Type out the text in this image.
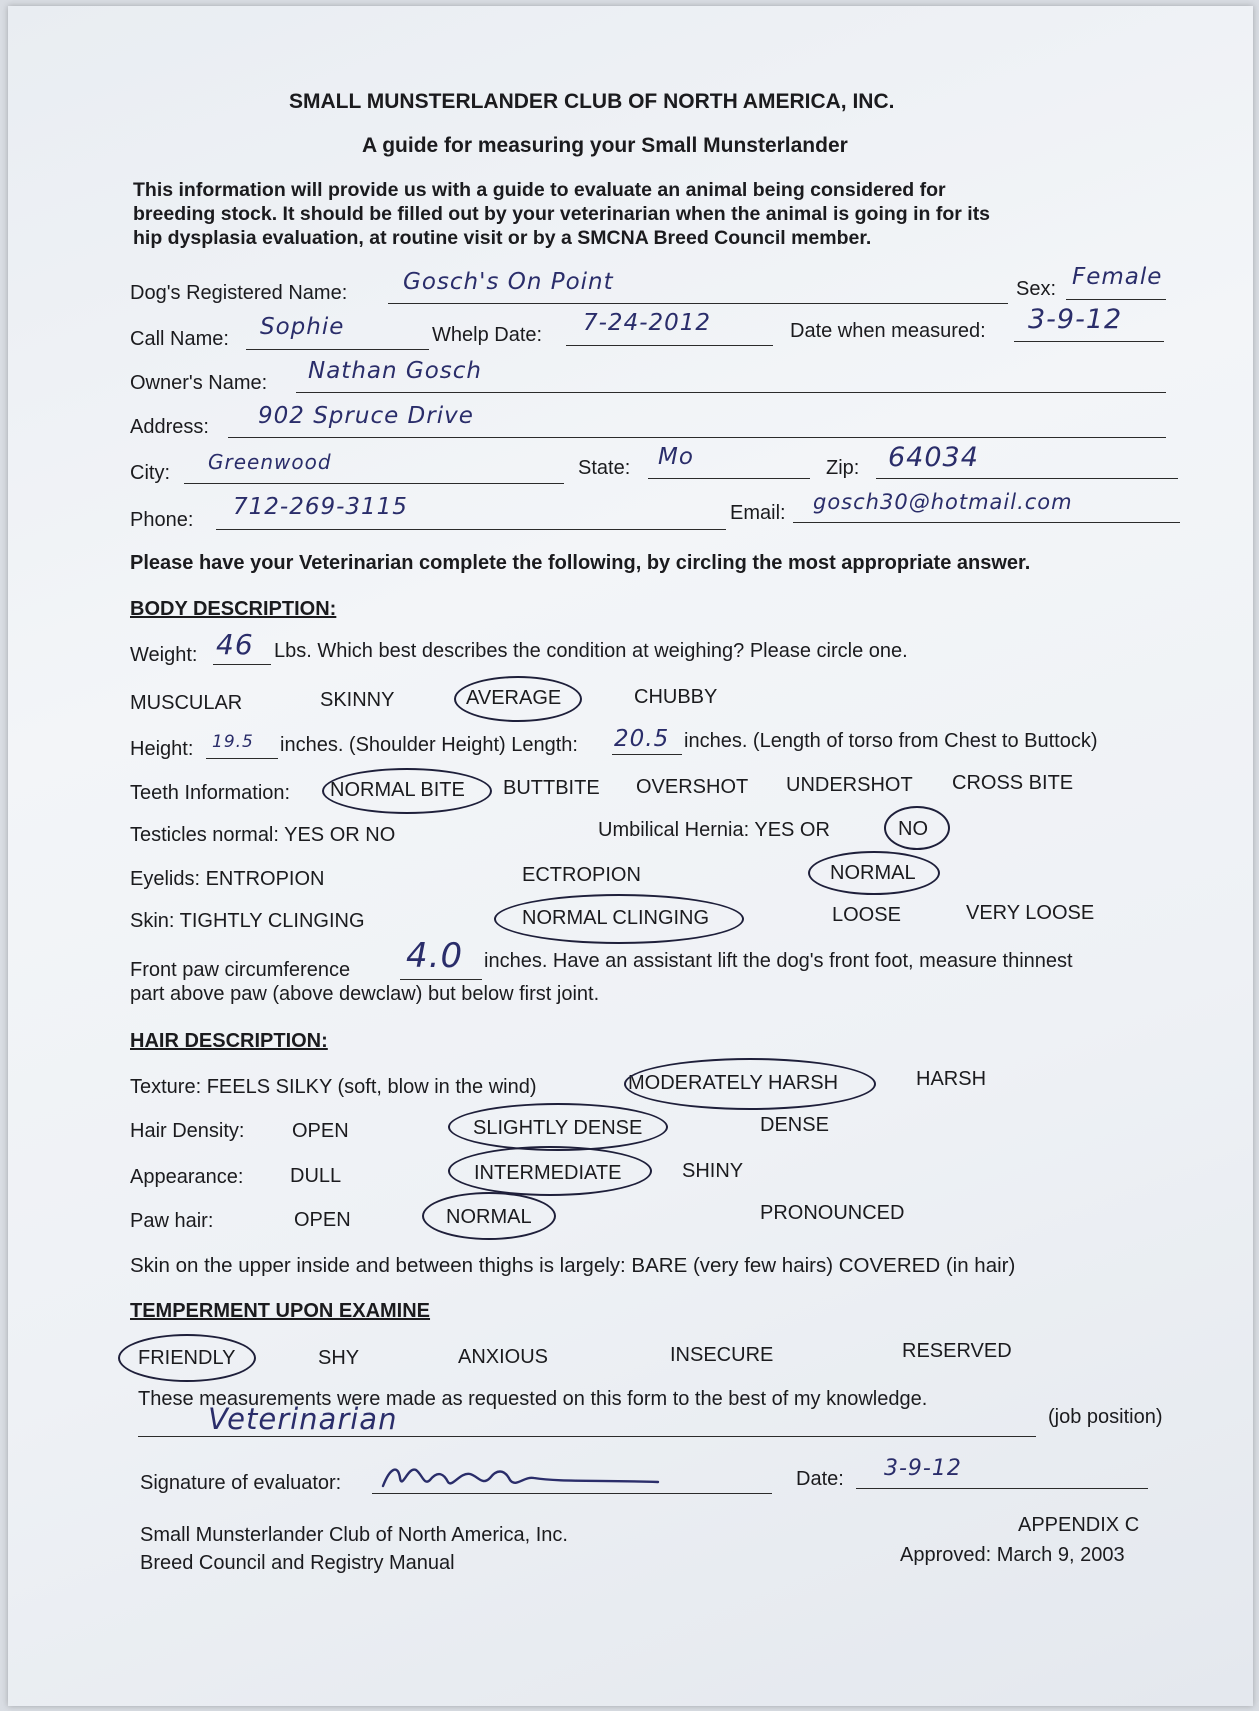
SMALL MUNSTERLANDER CLUB OF NORTH AMERICA, INC.
A guide for measuring your Small Munsterlander
This information will provide us with a guide to evaluate an animal being considered for
breeding stock. It should be filled out by your veterinarian when the animal is going in for its
hip dysplasia evaluation, at routine visit or by a SMCNA Breed Council member.
Dog's Registered Name: Gosch's On Point	Sex: Female
Call Name: Sophie	Whelp Date: 7-24-2012	Date when measured: 3-9-12
Owner's Name: Nathan Gosch
Address: 902 Spruce Drive
City: Greenwood	State: Mo	Zip: 64034
Phone: 712-269-3115	Email: gosch30@hotmail.com
Please have your Veterinarian complete the following, by circling the most appropriate answer.
BODY DESCRIPTION:
Weight: 46 Lbs. Which best describes the condition at weighing? Please circle one.
MUSCULAR	SKINNY	AVERAGE	CHUBBY
Height: 19.5 inches. (Shoulder Height) Length: 20.5 inches. (Length of torso from Chest to Buttock)
Teeth Information: NORMAL BITE BUTTBITE OVERSHOT UNDERSHOT CROSS BITE
Testicles normal: YES OR NO	Umbilical Hernia: YES OR	NO
Eyelids: ENTROPION	ECTROPION	NORMAL
Skin: TIGHTLY CLINGING	NORMAL CLINGING	LOOSE	VERY LOOSE
Front paw circumference 4.0 inches. Have an assistant lift the dog's front foot, measure thinnest
part above paw (above dewclaw) but below first joint.
HAIR DESCRIPTION:
Texture: FEELS SILKY (soft, blow in the wind)	MODERATELY HARSH	HARSH
Hair Density: OPEN	SLIGHTLY DENSE	DENSE
Appearance: DULL	INTERMEDIATE	SHINY
Paw hair:	OPEN	NORMAL	PRONOUNCED
Skin on the upper inside and between thighs is largely: BARE (very few hairs) COVERED (in hair)
TEMPERMENT UPON EXAMINE
FRIENDLY	SHY	ANXIOUS	INSECURE	RESERVED
These measurements were made as requested on this form to the best of my knowledge.
Veterinarian	(job position)
Signature of evaluator:	Date: 3-9-12
Small Munsterlander Club of North America, Inc.
Breed Council and Registry Manual
APPENDIX C
Approved: March 9, 2003
